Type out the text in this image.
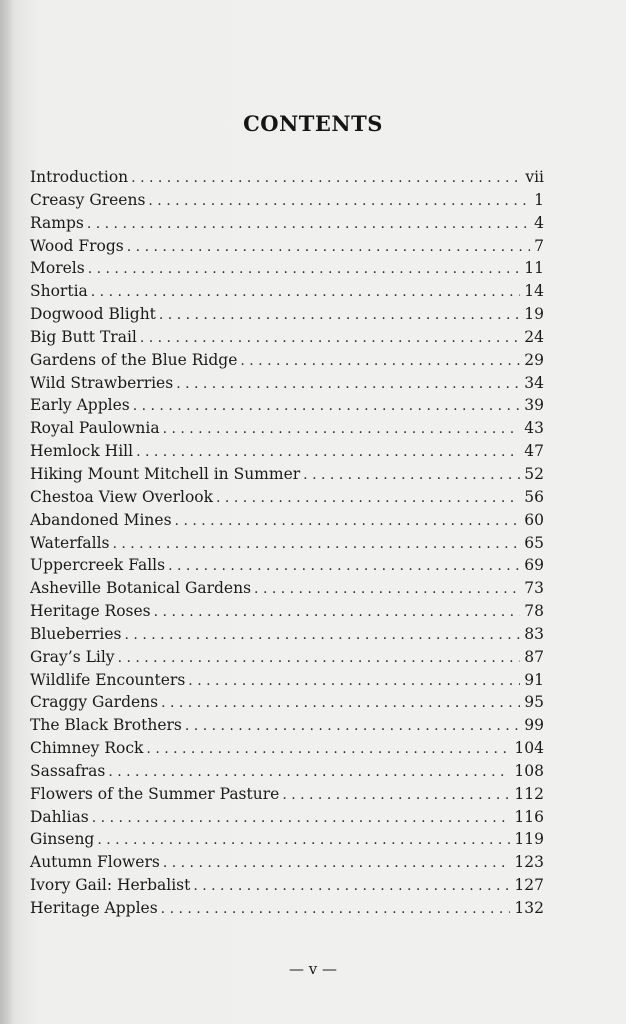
CONTENTS
Introduction . . .	vii
Creasy Greens . . .	1
Ramps . . .	4
Wood Frogs . . .	7
Morels . . .	11
Shortia . . .	14
Dogwood Blight . . .	19
Big Butt Trail . . .	24
Gardens of the Blue Ridge . . .	29
Wild Strawberries . . .	34
Early Apples . . .	39
Royal Paulownia . . .	43
Hemlock Hill . . .	47
Hiking Mount Mitchell in Summer . . .	52
Chestoa View Overlook . . .	56
Abandoned Mines . . .	60
Waterfalls . . .	65
Uppercreek Falls . . .	69
Asheville Botanical Gardens . . .	73
Heritage Roses . . .	78
Blueberries . . .	83
Gray’s Lily . . .	87
Wildlife Encounters . . .	91
Craggy Gardens . . .	95
The Black Brothers . . .	99
Chimney Rock . . .	104
Sassafras . . .	108
Flowers of the Summer Pasture . . .	112
Dahlias . . .	116
Ginseng . . .	119
Autumn Flowers . . .	123
Ivory Gail: Herbalist . . .	127
Heritage Apples . . .	132
— v —
